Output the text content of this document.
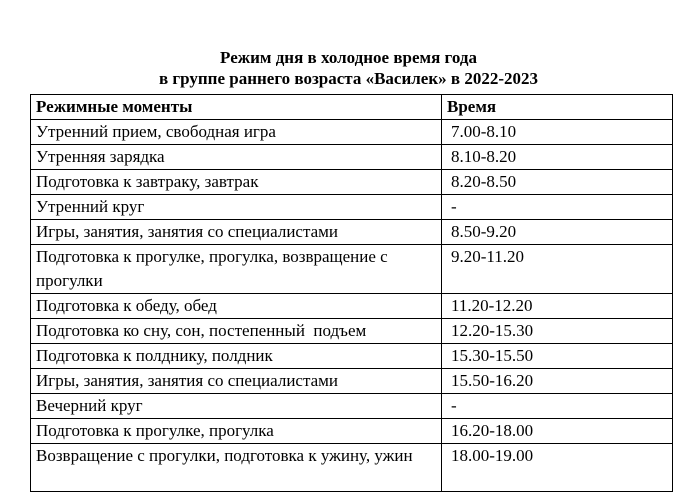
Режим дня в холодное время года
в группе раннего возраста «Василек» в 2022-2023
Режимные моменты	Время
Утренний прием, свободная игра	7.00-8.10
Утренняя зарядка	8.10-8.20
Подготовка к завтраку, завтрак	8.20-8.50
Утренний круг	-
Игры, занятия, занятия со специалистами	8.50-9.20
Подготовка к прогулке, прогулка, возвращение с прогулки	9.20-11.20
Подготовка к обеду, обед	11.20-12.20
Подготовка ко сну, сон, постепенный  подъем	12.20-15.30
Подготовка к полднику, полдник	15.30-15.50
Игры, занятия, занятия со специалистами	15.50-16.20
Вечерний круг	-
Подготовка к прогулке, прогулка	16.20-18.00
Возвращение с прогулки, подготовка к ужину, ужин	18.00-19.00
